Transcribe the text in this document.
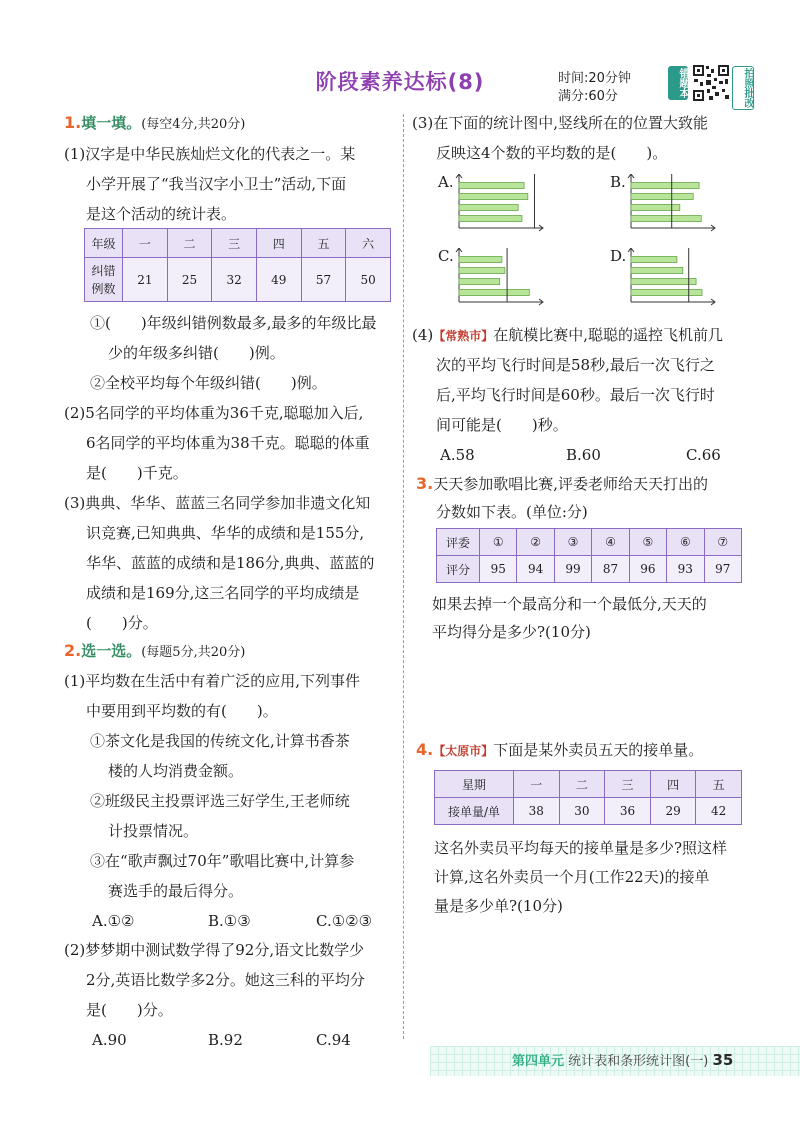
阶段素养达标(8)	时间:20分钟
满分:60分	错题本	拍照批改
1.填一填。(每空4分,共20分)
(1)汉字是中华民族灿烂文化的代表之一。某
小学开展了“我当汉字小卫士”活动,下面
是这个活动的统计表。
年级	一	二	三	四	五	六
纠错
例数	21	25	32	49	57	50
①(　　)年级纠错例数最多,最多的年级比最
少的年级多纠错(　　)例。
②全校平均每个年级纠错(　　)例。
(2)5名同学的平均体重为36千克,聪聪加入后,
6名同学的平均体重为38千克。聪聪的体重
是(　　)千克。
(3)典典、华华、蓝蓝三名同学参加非遗文化知
识竞赛,已知典典、华华的成绩和是155分,
华华、蓝蓝的成绩和是186分,典典、蓝蓝的
成绩和是169分,这三名同学的平均成绩是
(　　)分。
2.选一选。(每题5分,共20分)
(1)平均数在生活中有着广泛的应用,下列事件
中要用到平均数的有(　　)。
①茶文化是我国的传统文化,计算书香茶
楼的人均消费金额。
②班级民主投票评选三好学生,王老师统
计投票情况。
③在“歌声飘过70年”歌唱比赛中,计算参
赛选手的最后得分。
A.①②	B.①③	C.①②③
(2)梦梦期中测试数学得了92分,语文比数学少
2分,英语比数学多2分。她这三科的平均分
是(　　)分。
A.90	B.92	C.94
(3)在下面的统计图中,竖线所在的位置大致能
反映这4个数的平均数的是(　　)。
A.	B.
C.	D.
(4)【常熟市】在航模比赛中,聪聪的遥控飞机前几
次的平均飞行时间是58秒,最后一次飞行之
后,平均飞行时间是60秒。最后一次飞行时
间可能是(　　)秒。
A.58	B.60	C.66
3.天天参加歌唱比赛,评委老师给天天打出的
分数如下表。(单位:分)
评委	①	②	③	④	⑤	⑥	⑦
评分	95	94	99	87	96	93	97
如果去掉一个最高分和一个最低分,天天的
平均得分是多少?(10分)
4.【太原市】下面是某外卖员五天的接单量。
星期	一	二	三	四	五
接单量/单	38	30	36	29	42
这名外卖员平均每天的接单量是多少?照这样
计算,这名外卖员一个月(工作22天)的接单
量是多少单?(10分)
第四单元 统计表和条形统计图(一) 35
